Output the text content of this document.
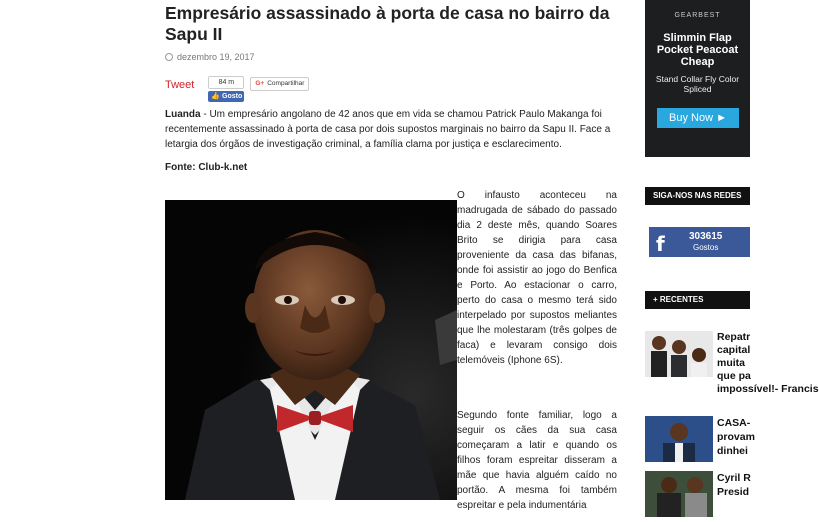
Empresário assassinado à porta de casa no bairro da Sapu II
dezembro 19, 2017
Tweet	84 m
👍 Gosto
G+ Compartilhar

Luanda - Um empresário angolano de 42 anos que em vida se chamou Patrick Paulo Makanga foi recentemente assassinado à porta de casa por dois supostos marginais no bairro da Sapu II. Face a letargia dos órgãos de investigação criminal, a família clama por justiça e esclarecimento.

Fonte: Club-k.net
O infausto aconteceu na madrugada de sábado do passado dia 2 deste mês, quando Soares Brito se dirigia para casa proveniente da casa das bifanas, onde foi assistir ao jogo do Benfica e Porto. Ao estacionar o carro, perto do casa o mesmo terá sido interpelado por supostos meliantes que lhe molestaram (três golpes de faca) e levaram consigo dois telemóveis (Iphone 6S).
Segundo fonte familiar, logo a seguir os cães da sua casa começaram a latir e quando os filhos foram espreitar disseram a mãe que havia alguém caído no portão. A mesma foi também espreitar e pela indumentária
GEARBEST
Slimmin Flap Pocket Peacoat Cheap
Stand Collar Fly Color Spliced
Buy Now ►
SIGA-NOS NAS REDES
f 303615
Gostos
+ RECENTES
Repatr
capital
muita
que pa
impossível!- Francis
CASA-
provam
dinhei
Cyril R
Presid
